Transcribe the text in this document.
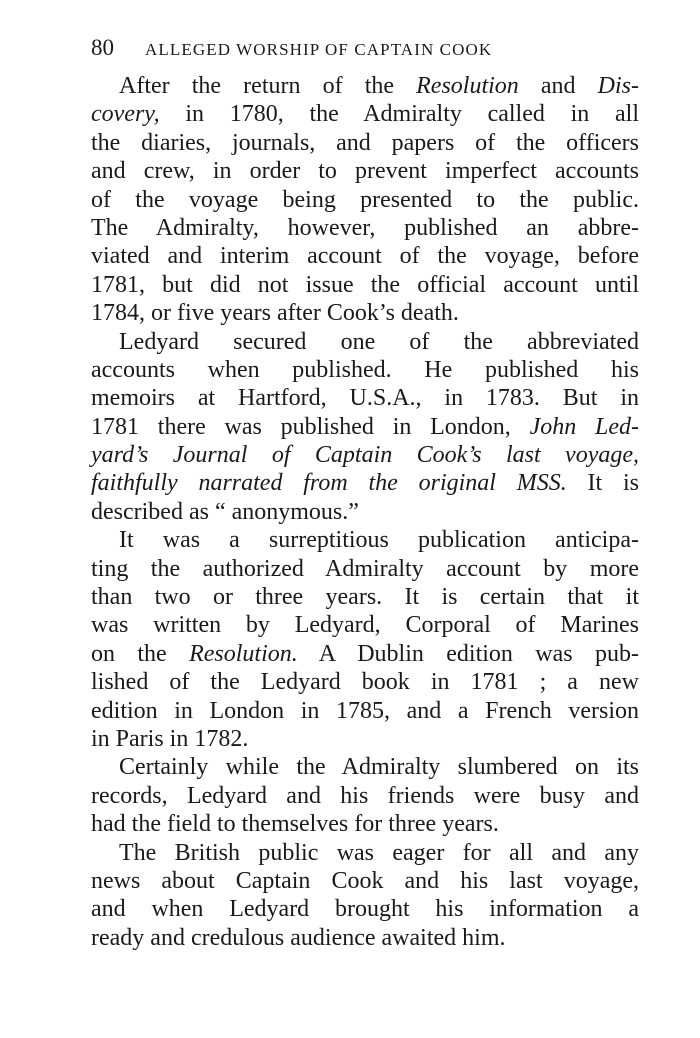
80 ALLEGED WORSHIP OF CAPTAIN COOK
After the return of the Resolution and Dis-
covery, in 1780, the Admiralty called in all
the diaries, journals, and papers of the officers
and crew, in order to prevent imperfect accounts
of the voyage being presented to the public.
The Admiralty, however, published an abbre-
viated and interim account of the voyage, before
1781, but did not issue the official account until
1784, or five years after Cook’s death.
Ledyard secured one of the abbreviated
accounts when published. He published his
memoirs at Hartford, U.S.A., in 1783. But in
1781 there was published in London, John Led-
yard’s Journal of Captain Cook’s last voyage,
faithfully narrated from the original MSS. It is
described as “ anonymous.”
It was a surreptitious publication anticipa-
ting the authorized Admiralty account by more
than two or three years. It is certain that it
was written by Ledyard, Corporal of Marines
on the Resolution. A Dublin edition was pub-
lished of the Ledyard book in 1781 ; a new
edition in London in 1785, and a French version
in Paris in 1782.
Certainly while the Admiralty slumbered on its
records, Ledyard and his friends were busy and
had the field to themselves for three years.
The British public was eager for all and any
news about Captain Cook and his last voyage,
and when Ledyard brought his information a
ready and credulous audience awaited him.
